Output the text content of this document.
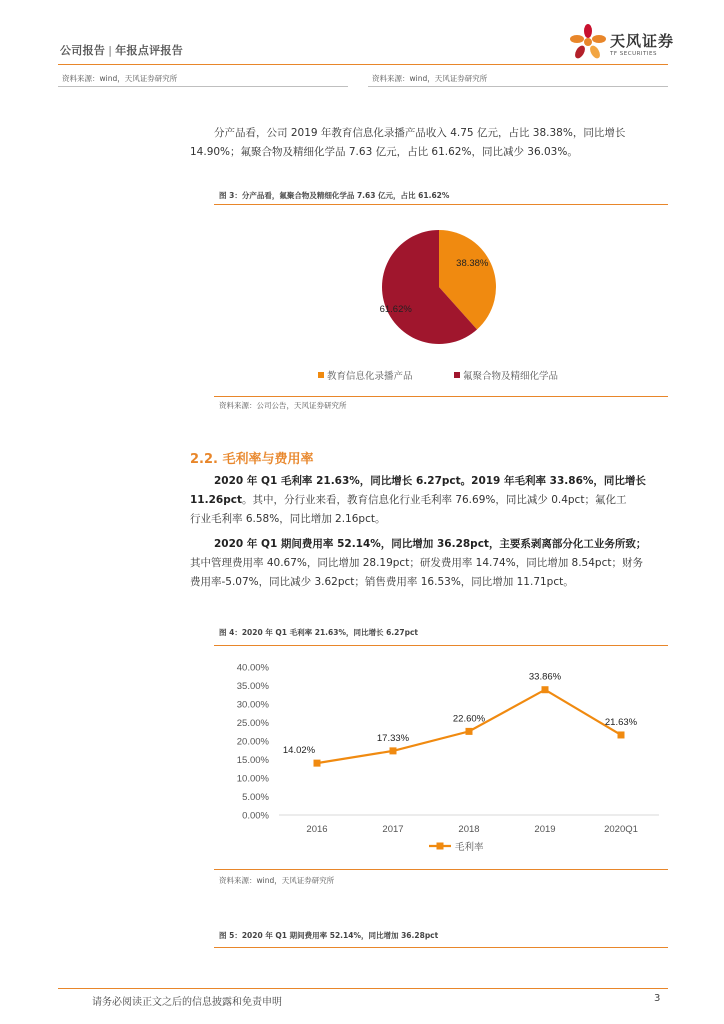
公司报告 | 年报点评报告
天风证券
TF SECURITIES
资料来源：wind，天风证券研究所	资料来源：wind，天风证券研究所
分产品看，公司 2019 年教育信息化录播产品收入 4.75 亿元，占比 38.38%，同比增长
14.90%；氟聚合物及精细化学品 7.63 亿元，占比 61.62%，同比减少 36.03%。
图 3：分产品看，氟聚合物及精细化学品 7.63 亿元，占比 61.62%
38.38%
61.62%
教育信息化录播产品	氟聚合物及精细化学品
资料来源：公司公告，天风证券研究所
2.2. 毛利率与费用率
2020 年 Q1 毛利率 21.63%，同比增长 6.27pct。2019 年毛利率 33.86%，同比增长
11.26pct。其中，分行业来看，教育信息化行业毛利率 76.69%，同比减少 0.4pct；氟化工
行业毛利率 6.58%，同比增加 2.16pct。
2020 年 Q1 期间费用率 52.14%，同比增加 36.28pct，主要系剥离部分化工业务所致；
其中管理费用率 40.67%，同比增加 28.19pct；研发费用率 14.74%，同比增加 8.54pct；财务
费用率-5.07%，同比减少 3.62pct；销售费用率 16.53%，同比增加 11.71pct。
图 4：2020 年 Q1 毛利率 21.63%，同比增长 6.27pct
0.00%
5.00%
10.00%
15.00%
20.00%
25.00%
30.00%
35.00%
40.00%
2016	2017	2018	2019	2020Q1
14.02%
17.33%
22.60%
33.86%
21.63%
毛利率
资料来源：wind，天风证券研究所
图 5：2020 年 Q1 期间费用率 52.14%，同比增加 36.28pct
请务必阅读正文之后的信息披露和免责申明	3
